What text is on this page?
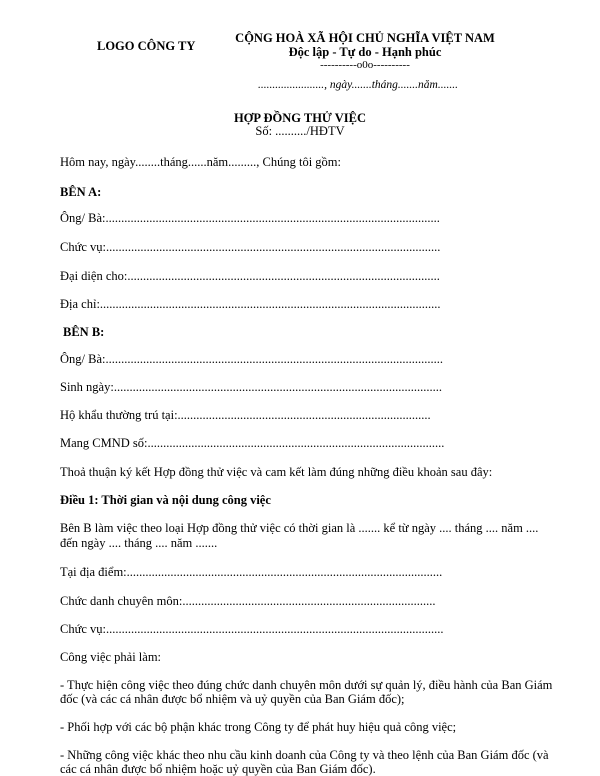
LOGO CÔNG TY
CỘNG HOÀ XÃ HỘI CHỦ NGHĨA VIỆT NAM
Độc lập - Tự do - Hạnh phúc
----------o0o----------
......................., ngày.......tháng.......năm.......
HỢP ĐỒNG THỬ VIỆC
Số: ........../HĐTV
Hôm nay, ngày........tháng......năm........., Chúng tôi gồm:
BÊN A:
Ông/ Bà:...........................................................................................................
Chức vụ:...........................................................................................................
Đại diện cho:....................................................................................................
Địa chỉ:.............................................................................................................
BÊN B:
Ông/ Bà:............................................................................................................
Sinh ngày:.........................................................................................................
Hộ khẩu thường trú tại:.................................................................................
Mang CMND số:...............................................................................................
Thoả thuận ký kết Hợp đồng thử việc và cam kết làm đúng những điều khoản sau đây:
Điều 1: Thời gian và nội dung công việc
Bên B làm việc theo loại Hợp đồng thử việc có thời gian là ....... kể từ ngày .... tháng .... năm ....
đến ngày .... tháng .... năm .......
Tại địa điểm:.....................................................................................................
Chức danh chuyên môn:.................................................................................
Chức vụ:............................................................................................................
Công việc phải làm:
- Thực hiện công việc theo đúng chức danh chuyên môn dưới sự quản lý, điều hành của Ban Giám
đốc (và các cá nhân được bổ nhiệm và uỷ quyền của Ban Giám đốc);
- Phối hợp với các bộ phận khác trong Công ty để phát huy hiệu quả công việc;
- Những công việc khác theo nhu cầu kinh doanh của Công ty và theo lệnh của Ban Giám đốc (và
các cá nhân được bổ nhiệm hoặc uỷ quyền của Ban Giám đốc).
